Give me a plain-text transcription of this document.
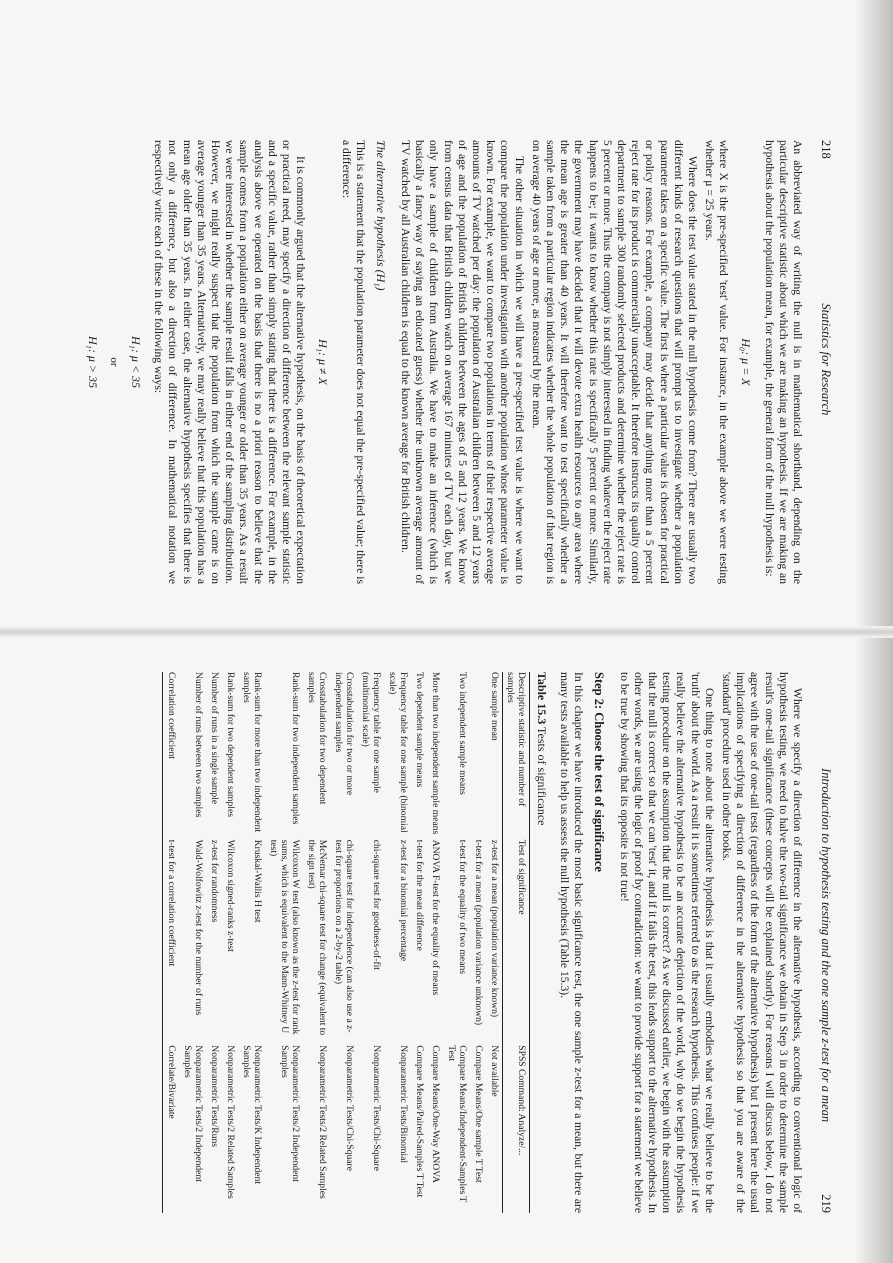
218
Statistics for Research

An abbreviated way of writing the null is in mathematical shorthand, depending on the particular descriptive statistic about which we are making an hypothesis. If we are making an hypothesis about the population mean, for example, the general form of the null hypothesis is:

H₀: μ = X

where X is the pre-specified 'test' value. For instance, in the example above we were testing whether μ = 25 years.

Where does the test value stated in the null hypothesis come from? There are usually two different kinds of research questions that will prompt us to investigate whether a population parameter takes on a specific value. The first is where a particular value is chosen for practical or policy reasons. For example, a company may decide that anything more than a 5 percent reject rate for its product is commercially unacceptable. It therefore instructs its quality control department to sample 300 randomly selected products and determine whether the reject rate is 5 percent or more. Thus the company is not simply interested in finding whatever the reject rate happens to be; it wants to know whether this rate is specifically 5 percent or more. Similarly, the government may have decided that it will devote extra health resources to any area where the mean age is greater than 40 years. It will therefore want to test specifically whether a sample taken from a particular region indicates whether the whole population of that region is on average 40 years of age or more, as measured by the mean.

The other situation in which we will have a pre-specified test value is where we want to compare the population under investigation with another population whose parameter value is known. For example, we want to compare two populations in terms of their respective average amounts of TV watched per day: the population of Australian children between 5 and 12 years of age and the population of British children between the ages of 5 and 12 years. We know from census data that British children watch on average 167 minutes of TV each day, but we only have a sample of children from Australia. We have to make an inference (which is basically a fancy way of saying an educated guess) whether the unknown average amount of TV watched by all Australian children is equal to the known average for British children.

The alternative hypothesis (H₁)

This is a statement that the population parameter does not equal the pre-specified value; there is a difference:

H₁: μ ≠ X

It is commonly argued that the alternative hypothesis, on the basis of theoretical expectation or practical need, may specify a direction of difference between the relevant sample statistic and a specific value, rather than simply stating that there is a difference. For example, in the analysis above we operated on the basis that there is no a priori reason to believe that the sample comes from a population either on average younger or older than 35 years. As a result we were interested in whether the sample result falls in either end of the sampling distribution. However, we might really suspect that the population from which the sample came is on average younger than 35 years. Alternatively, we may really believe that this population has a mean age older than 35 years. In either case, the alternative hypothesis specifies that there is not only a difference, but also a direction of difference. In mathematical notation we respectively write each of these in the following ways:

H₁: μ < 35
or
H₁: μ > 35
Introduction to hypothesis testing and the one sample z-test for a mean
219

Where we specify a direction of difference in the alternative hypothesis, according to conventional logic of hypothesis testing, we need to halve the two-tail significance we obtain in Step 3 in order to determine the sample result's one-tail significance (these concepts will be explained shortly). For reasons I will discuss below, I do not agree with the use of one-tail tests (regardless of the form of the alternative hypothesis) but I present here the usual implications of specifying a direction of difference in the alternative hypothesis so that you are aware of the 'standard' procedure used in other books.

One thing to note about the alternative hypothesis is that it usually embodies what we really believe to be the 'truth' about the world. As a result it is sometimes referred to as the research hypothesis. This confuses people: if we really believe the alternative hypothesis to be an accurate depiction of the world, why do we begin the hypothesis testing procedure on the assumption that the null is correct? As we discussed earlier, we begin with the assumption that the null is correct so that we can 'test' it, and if it fails the test, this leads support to the alternative hypothesis. In other words, we are using the logic of proof by contradiction: we want to provide support for a statement we believe to be true by showing that its opposite is not true!

Step 2: Choose the test of significance

In this chapter we have introduced the most basic significance test, the one sample z-test for a mean, but there are many tests available to help us assess the null hypothesis (Table 15.3).

Table 15.3 Tests of significance
Descriptive statistic and number of samples	Test of significance	SPSS Command: Analyze/...
One sample mean	z-test for a mean (population variance known)	Not available
	t-test for a mean (population variance unknown)	Compare Means/One sample T Test
Two independent sample means	t-test for the equality of two means	Compare Means/Independent-Samples T Test
More than two independent sample means	ANOVA F-test for the equality of means	Compare Means/One-Way ANOVA
Two dependent sample means	t-test for the mean difference	Compare Means/Paired-Samples T Test
Frequency table for one sample (binomial scale)	z-test for a binomial percentage	Nonparametric Tests/Binomial
Frequency table for one sample (multinomial scale)	chi-square test for goodness-of-fit	Nonparametric Tests/Chi-Square
Crosstabulation for two or more independent samples	chi-square test for independence (can also use a z-test for proportions on a 2-by-2 table)	Nonparametric Tests/Chi-Square
Crosstabulation for two dependent samples	McNemar chi-square test for change (equivalent to the sign test)	Nonparametric Tests/2 Related Samples
Rank-sum for two independent samples	Wilcoxon W test (also known as the z-test for rank sums, which is equivalent to the Mann-Whitney U test)	Nonparametric Tests/2 Independent Samples
Rank-sum for more than two independent samples	Kruskal-Wallis H test	Nonparametric Tests/K Independent Samples
Rank-sum for two dependent samples	Wilcoxon signed-ranks z-test	Nonparametric Tests/2 Related Samples
Number of runs in a single sample	z-test for randomness	Nonparametric Tests/Runs
Number of runs between two samples	Wald-Wolfowitz z-test for the number of runs	Nonparametric Tests/2 Independent Samples
Correlation coefficient	t-test for a correlation coefficient	Correlate/Bivariate
